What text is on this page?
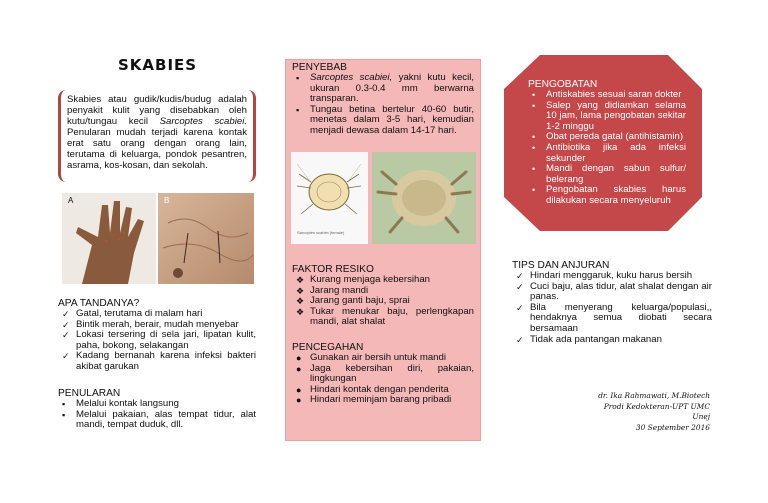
SKABIES
Skabies atau gudik/kudis/budug adalah penyakit kulit yang disebabkan oleh kutu/tungau kecil Sarcoptes scabiei. Penularan mudah terjadi karena kontak erat satu orang dengan orang lain, terutama di keluarga, pondok pesantren, asrama, kos-kosan, dan sekolah.
A	B
APA TANDANYA?
✓ Gatal, terutama di malam hari
✓ Bintik merah, berair, mudah menyebar
✓ Lokasi tersering di sela jari, lipatan kulit, paha, bokong, selakangan
✓ Kadang bernanah karena infeksi bakteri akibat garukan
PENULARAN
▪ Melalui kontak langsung
▪ Melalui pakaian, alas tempat tidur, alat mandi, tempat duduk, dll.
PENYEBAB
▪ Sarcoptes scabiei, yakni kutu kecil, ukuran 0.3-0.4 mm berwarna transparan.
▪ Tungau betina bertelur 40-60 butir, menetas dalam 3-5 hari, kemudian menjadi dewasa dalam 14-17 hari.
Sarcoptes scabiei (female)
FAKTOR RESIKO
❖ Kurang menjaga kebersihan
❖ Jarang mandi
❖ Jarang ganti baju, sprai
❖ Tukar menukar baju, perlengkapan mandi, alat shalat
PENCEGAHAN
● Gunakan air bersih untuk mandi
● Jaga kebersihan diri, pakaian, lingkungan
● Hindari kontak dengan penderita
● Hindari meminjam barang pribadi
PENGOBATAN
• Antiskabies sesuai saran dokter
• Salep yang didiamkan selama 10 jam, lama pengobatan sekitar 1-2 minggu
• Obat pereda gatal (antihistamin)
• Antibiotika jika ada infeksi sekunder
• Mandi dengan sabun sulfur/ belerang
• Pengobatan skabies harus dilakukan secara menyeluruh
TIPS DAN ANJURAN
✓ Hindari menggaruk, kuku harus bersih
✓ Cuci baju, alas tidur, alat shalat dengan air panas.
✓ Bila menyerang keluarga/populasi,, hendaknya semua diobati secara bersamaan
✓ Tidak ada pantangan makanan
dr. Ika Rahmawati, M.Biotech
Prodi Kedokteran-UPT UMC Unej
30 September 2016
